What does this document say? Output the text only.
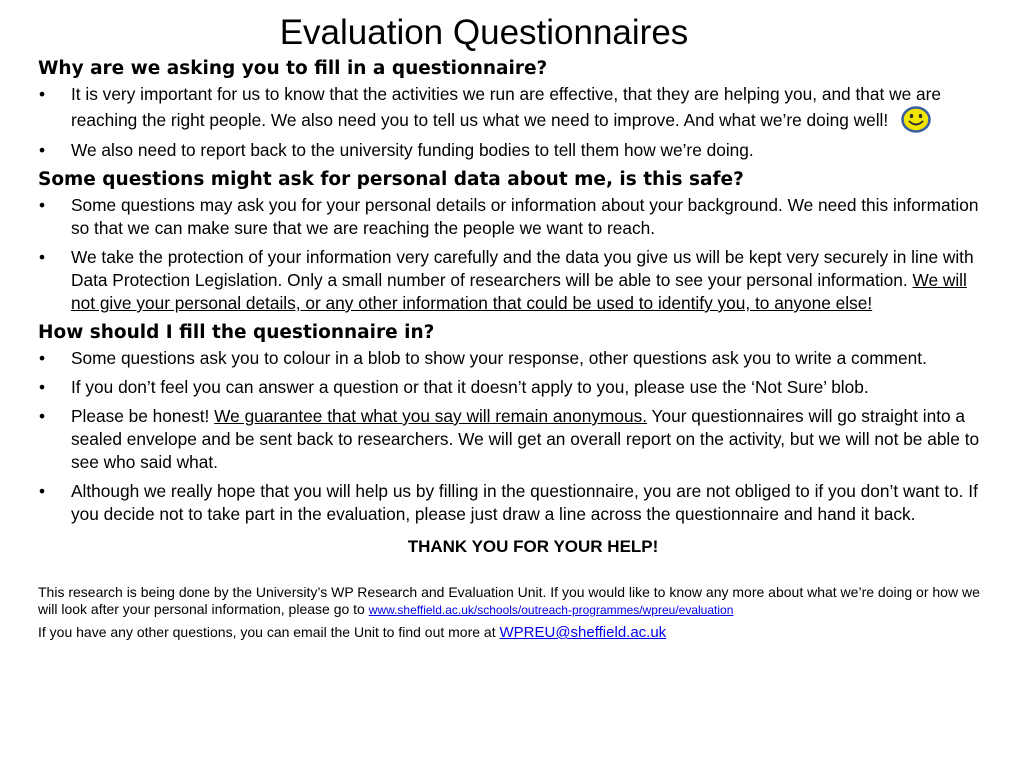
Evaluation Questionnaires
Why are we asking you to fill in a questionnaire?
•	It is very important for us to know that the activities we run are effective, that they are helping you, and that we are reaching the right people. We also need you to tell us what we need to improve. And what we’re doing well!
•	We also need to report back to the university funding bodies to tell them how we’re doing.
Some questions might ask for personal data about me, is this safe?
•	Some questions may ask you for your personal details or information about your background. We need this information so that we can make sure that we are reaching the people we want to reach.
•	We take the protection of your information very carefully and the data you give us will be kept very securely in line with Data Protection Legislation. Only a small number of researchers will be able to see your personal information. We will not give your personal details, or any other information that could be used to identify you, to anyone else!
How should I fill the questionnaire in?
•	Some questions ask you to colour in a blob to show your response, other questions ask you to write a comment.
•	If you don’t feel you can answer a question or that it doesn’t apply to you, please use the ‘Not Sure’ blob.
•	Please be honest! We guarantee that what you say will remain anonymous. Your questionnaires will go straight into a sealed envelope and be sent back to researchers. We will get an overall report on the activity, but we will not be able to see who said what.
•	Although we really hope that you will help us by filling in the questionnaire, you are not obliged to if you don’t want to. If you decide not to take part in the evaluation, please just draw a line across the questionnaire and hand it back.
THANK YOU FOR YOUR HELP!
This research is being done by the University’s WP Research and Evaluation Unit. If you would like to know any more about what we’re doing or how we will look after your personal information, please go to www.sheffield.ac.uk/schools/outreach-programmes/wpreu/evaluation
If you have any other questions, you can email the Unit to find out more at WPREU@sheffield.ac.uk
